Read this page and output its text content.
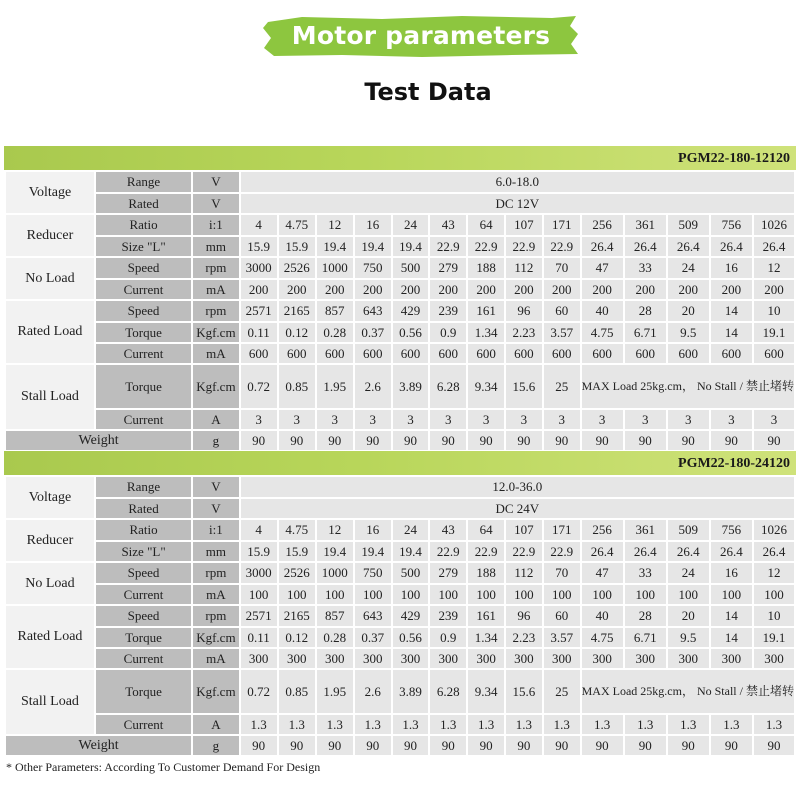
Motor parameters
Test Data
PGM22-180-12120
Voltage	Range	V	6.0-18.0													
	Rated	V	DC 12V													
Reducer	Ratio	i:1	4	4.75	12	16	24	43	64	107	171	256	361	509	756	1026
	Size "L"	mm	15.9	15.9	19.4	19.4	19.4	22.9	22.9	22.9	22.9	26.4	26.4	26.4	26.4	26.4
No Load	Speed	rpm	3000	2526	1000	750	500	279	188	112	70	47	33	24	16	12
	Current	mA	200	200	200	200	200	200	200	200	200	200	200	200	200	200
Rated Load	Speed	rpm	2571	2165	857	643	429	239	161	96	60	40	28	20	14	10
	Torque	Kgf.cm	0.11	0.12	0.28	0.37	0.56	0.9	1.34	2.23	3.57	4.75	6.71	9.5	14	19.1
	Current	mA	600	600	600	600	600	600	600	600	600	600	600	600	600	600
Stall Load	Torque	Kgf.cm	0.72	0.85	1.95	2.6	3.89	6.28	9.34	15.6	25	MAX Load 25kg.cm， No Stall / 禁止堵转				
	Current	A	3	3	3	3	3	3	3	3	3	3	3	3	3	3
Weight		g	90	90	90	90	90	90	90	90	90	90	90	90	90	90
PGM22-180-24120
Voltage	Range	V	12.0-36.0													
	Rated	V	DC 24V													
Reducer	Ratio	i:1	4	4.75	12	16	24	43	64	107	171	256	361	509	756	1026
	Size "L"	mm	15.9	15.9	19.4	19.4	19.4	22.9	22.9	22.9	22.9	26.4	26.4	26.4	26.4	26.4
No Load	Speed	rpm	3000	2526	1000	750	500	279	188	112	70	47	33	24	16	12
	Current	mA	100	100	100	100	100	100	100	100	100	100	100	100	100	100
Rated Load	Speed	rpm	2571	2165	857	643	429	239	161	96	60	40	28	20	14	10
	Torque	Kgf.cm	0.11	0.12	0.28	0.37	0.56	0.9	1.34	2.23	3.57	4.75	6.71	9.5	14	19.1
	Current	mA	300	300	300	300	300	300	300	300	300	300	300	300	300	300
Stall Load	Torque	Kgf.cm	0.72	0.85	1.95	2.6	3.89	6.28	9.34	15.6	25	MAX Load 25kg.cm， No Stall / 禁止堵转				
	Current	A	1.3	1.3	1.3	1.3	1.3	1.3	1.3	1.3	1.3	1.3	1.3	1.3	1.3	1.3
Weight		g	90	90	90	90	90	90	90	90	90	90	90	90	90	90
* Other Parameters: According To Customer Demand For Design
